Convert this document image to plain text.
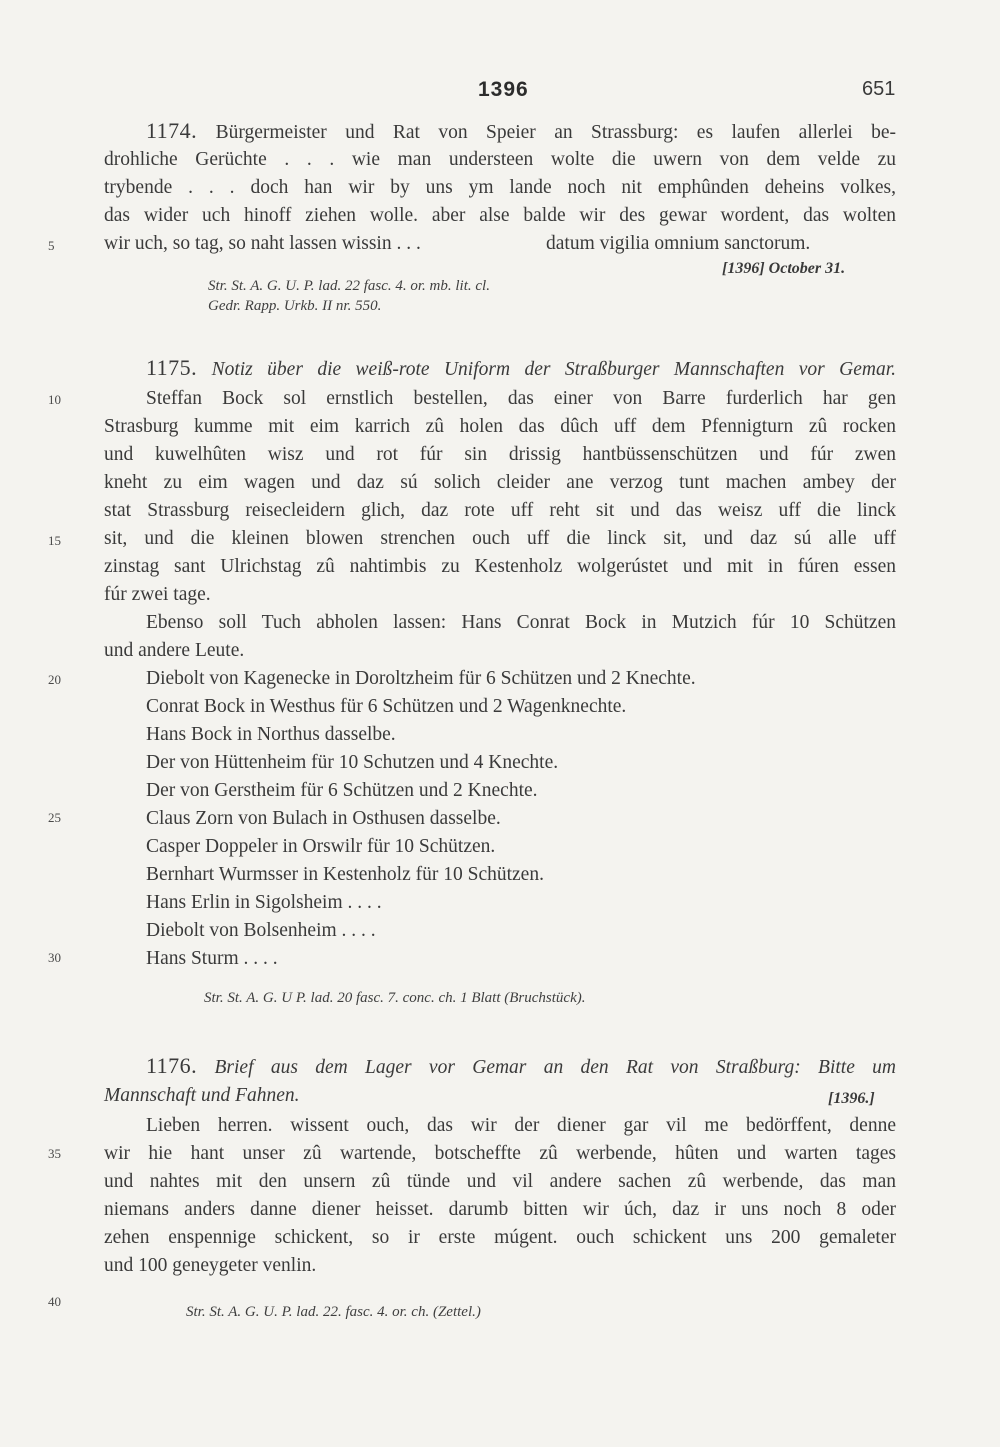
1396	651
1174. Bürgermeister und Rat von Speier an Strassburg: es laufen allerlei be-
drohliche Gerüchte . . . wie man understeen wolte die uwern von dem velde zu
trybende . . . doch han wir by uns ym lande noch nit emphûnden deheins volkes,
das wider uch hinoff ziehen wolle. aber alse balde wir des gewar wordent, das wolten
wir uch, so tag, so naht lassen wissin . . .	datum vigilia omnium sanctorum.
[1396] October 31.
Str. St. A. G. U. P. lad. 22 fasc. 4. or. mb. lit. cl.
Gedr. Rapp. Urkb. II nr. 550.
1175. Notiz über die weiß-rote Uniform der Straßburger Mannschaften vor Gemar.
Steffan Bock sol ernstlich bestellen, das einer von Barre furderlich har gen
Strasburg kumme mit eim karrich zû holen das dûch uff dem Pfennigturn zû rocken
und kuwelhûten wisz und rot fúr sin drissig hantbüssenschützen und fúr zwen
kneht zu eim wagen und daz sú solich cleider ane verzog tunt machen ambey der
stat Strassburg reisecleidern glich, daz rote uff reht sit und das weisz uff die linck
sit, und die kleinen blowen strenchen ouch uff die linck sit, und daz sú alle uff
zinstag sant Ulrichstag zû nahtimbis zu Kestenholz wolgerústet und mit in fúren essen
fúr zwei tage.
Ebenso soll Tuch abholen lassen: Hans Conrat Bock in Mutzich fúr 10 Schützen
und andere Leute.
Diebolt von Kagenecke in Doroltzheim für 6 Schützen und 2 Knechte.
Conrat Bock in Westhus für 6 Schützen und 2 Wagenknechte.
Hans Bock in Northus dasselbe.
Der von Hüttenheim für 10 Schutzen und 4 Knechte.
Der von Gerstheim für 6 Schützen und 2 Knechte.
Claus Zorn von Bulach in Osthusen dasselbe.
Casper Doppeler in Orswilr für 10 Schützen.
Bernhart Wurmsser in Kestenholz für 10 Schützen.
Hans Erlin in Sigolsheim . . . .
Diebolt von Bolsenheim . . . .
Hans Sturm . . . .
Str. St. A. G. U P. lad. 20 fasc. 7. conc. ch. 1 Blatt (Bruchstück).
1176. Brief aus dem Lager vor Gemar an den Rat von Straßburg: Bitte um
Mannschaft und Fahnen.	[1396.]
Lieben herren. wissent ouch, das wir der diener gar vil me bedörffent, denne
wir hie hant unser zû wartende, botscheffte zû werbende, hûten und warten tages
und nahtes mit den unsern zû tünde und vil andere sachen zû werbende, das man
niemans anders danne diener heisset. darumb bitten wir úch, daz ir uns noch 8 oder
zehen enspennige schickent, so ir erste múgent. ouch schickent uns 200 gemaleter
und 100 geneygeter venlin.
Str. St. A. G. U. P. lad. 22. fasc. 4. or. ch. (Zettel.)
5
10
15
20
25
30
35
40
